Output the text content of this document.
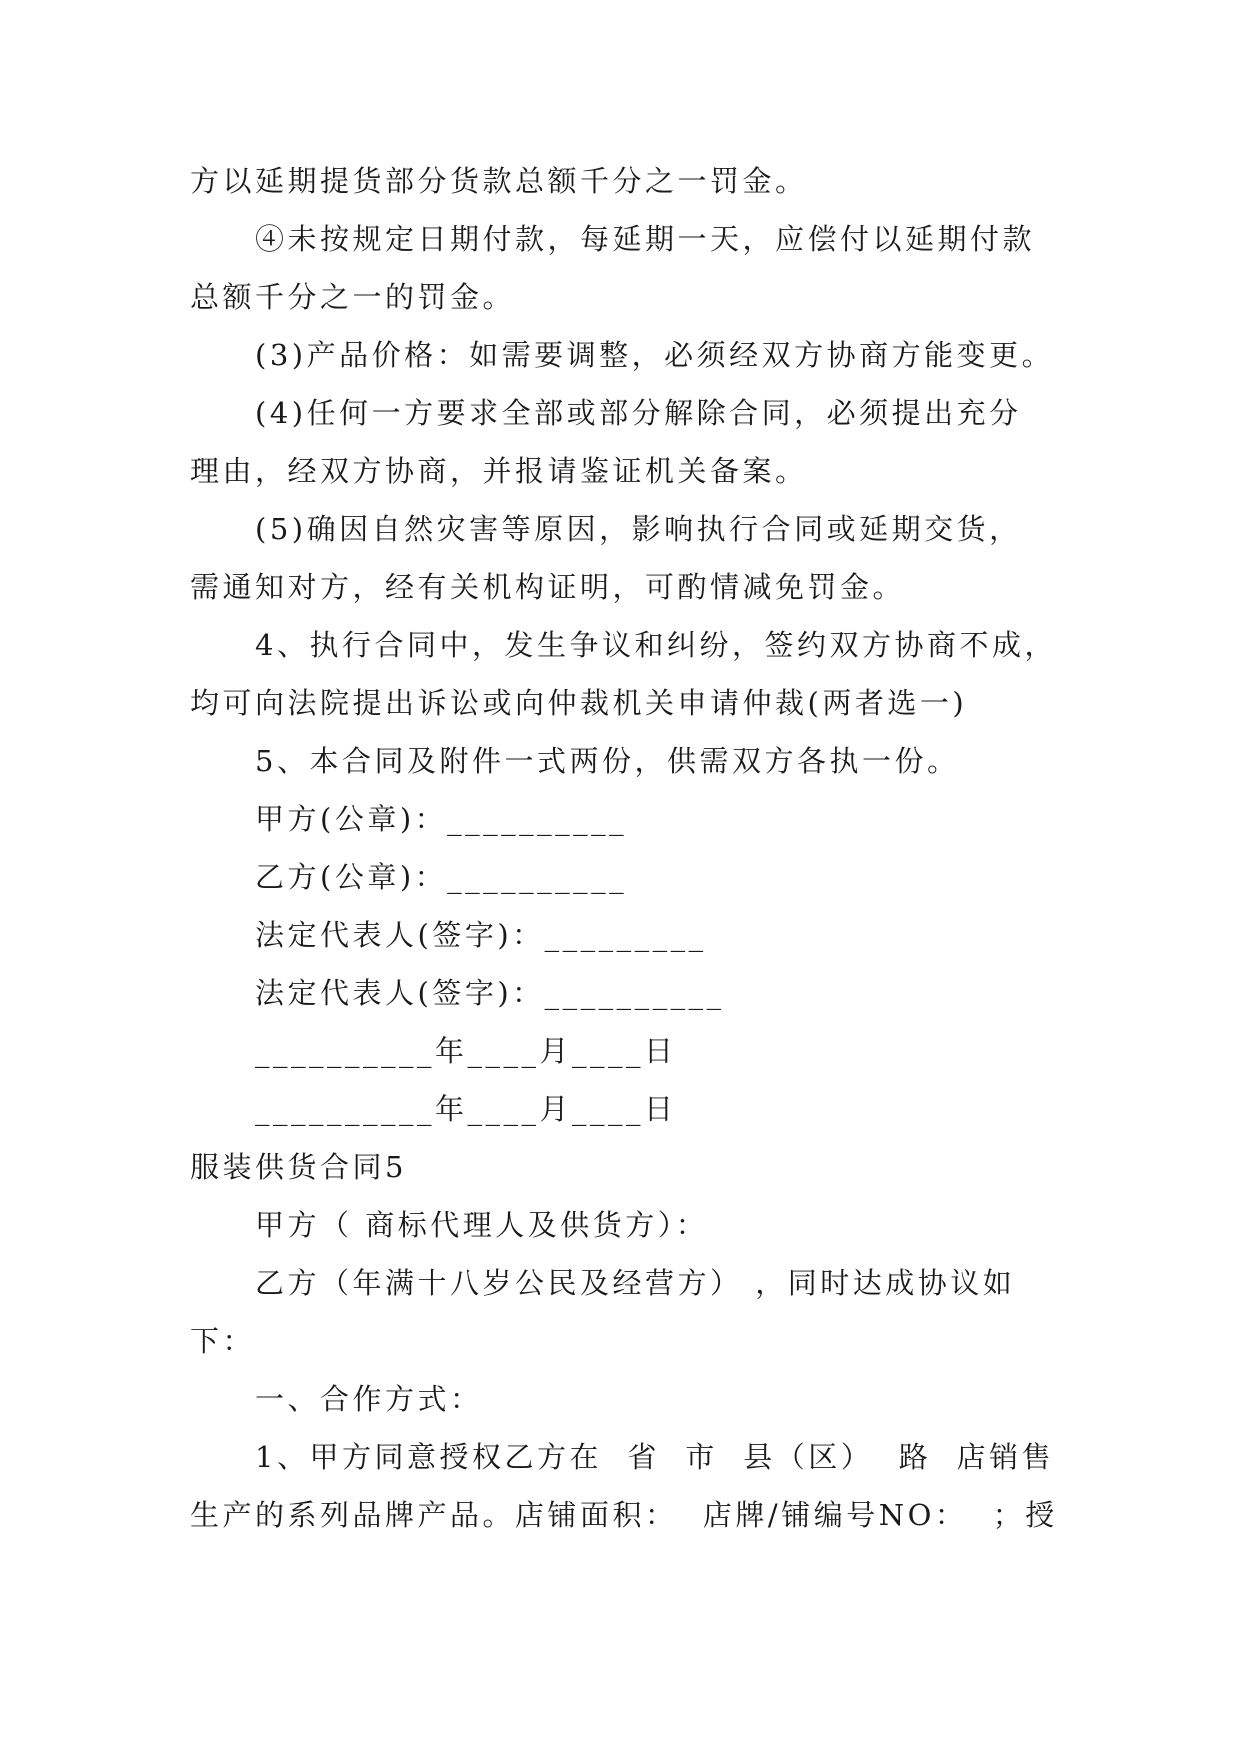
方以延期提货部分货款总额千分之一罚金。

④未按规定日期付款，每延期一天，应偿付以延期付款

总额千分之一的罚金。

(3)产品价格：如需要调整，必须经双方协商方能变更。

(4)任何一方要求全部或部分解除合同，必须提出充分

理由，经双方协商，并报请鉴证机关备案。

(5)确因自然灾害等原因，影响执行合同或延期交货，

需通知对方，经有关机构证明，可酌情减免罚金。

4、执行合同中，发生争议和纠纷，签约双方协商不成，

均可向法院提出诉讼或向仲裁机关申请仲裁(两者选一)

5、本合同及附件一式两份，供需双方各执一份。

甲方(公章)：__________

乙方(公章)：__________

法定代表人(签字)：_________

法定代表人(签字)：__________

__________年____月____日

__________年____月____日

服装供货合同5

甲方（ 商标代理人及供货方）：

乙方（年满十八岁公民及经营方） ，同时达成协议如

下：

一、合作方式：

1、甲方同意授权乙方在  省  市  县（区）  路  店销售

生产的系列品牌产品。店铺面积：  店牌/铺编号NO：  ；授
